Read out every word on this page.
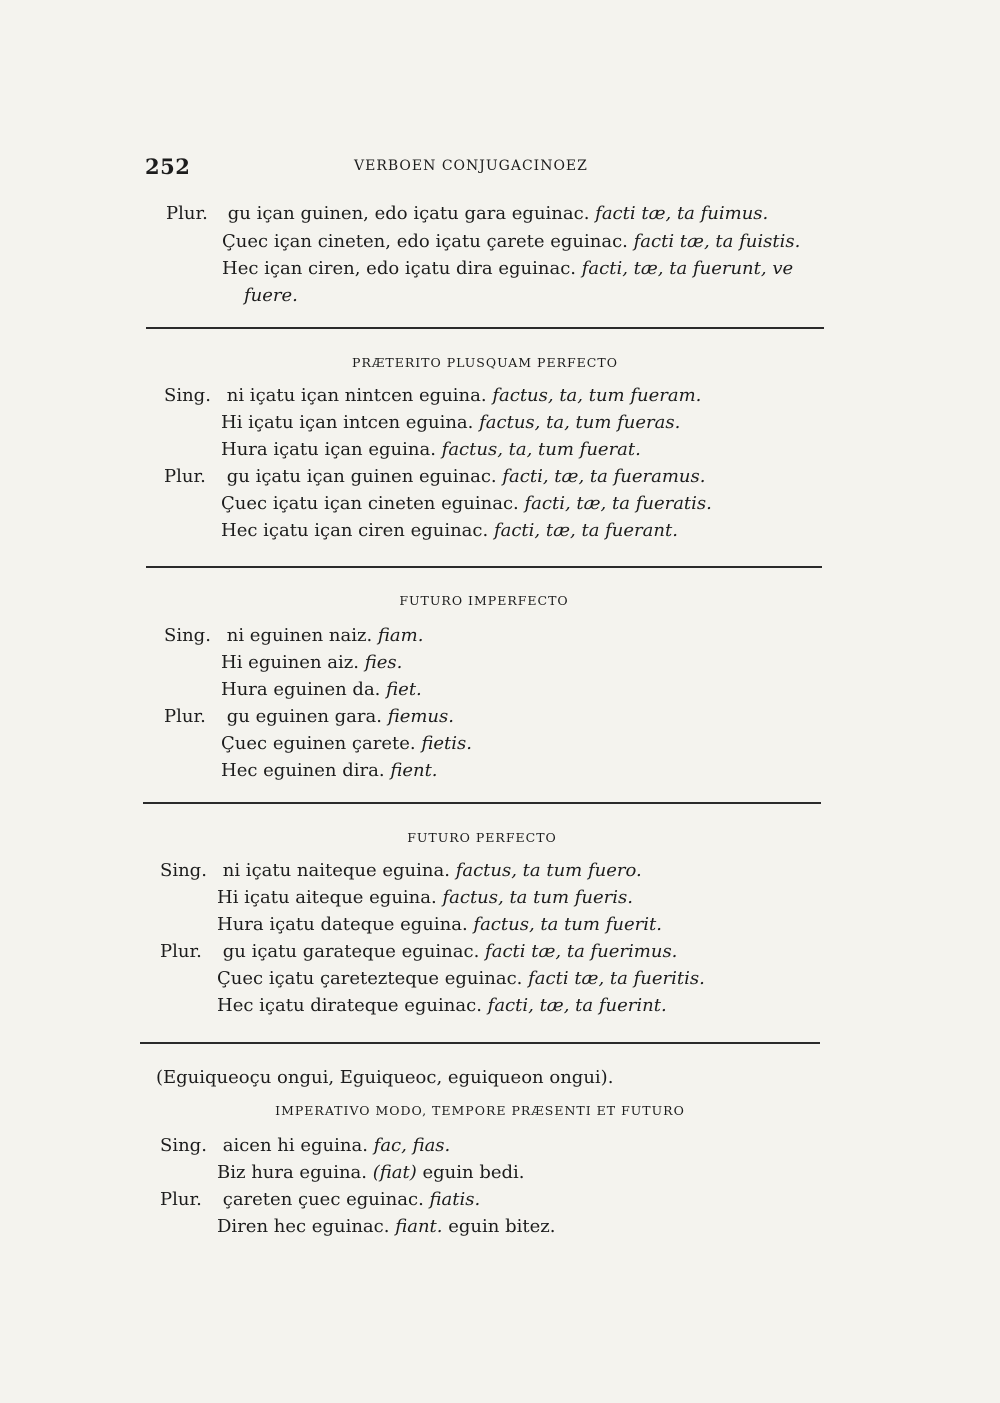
252	VERBOEN CONJUGACINOEZ
Plur. gu içan guinen, edo içatu gara eguinac. facti tæ, ta fuimus.
Çuec içan cineten, edo içatu çarete eguinac. facti tæ, ta fuistis.
Hec içan ciren, edo içatu dira eguinac. facti, tæ, ta fuerunt, ve
fuere.
PRÆTERITO PLUSQUAM PERFECTO
Sing. ni içatu içan nintcen eguina. factus, ta, tum fueram.
Hi içatu içan intcen eguina. factus, ta, tum fueras.
Hura içatu içan eguina. factus, ta, tum fuerat.
Plur. gu içatu içan guinen eguinac. facti, tæ, ta fueramus.
Çuec içatu içan cineten eguinac. facti, tæ, ta fueratis.
Hec içatu içan ciren eguinac. facti, tæ, ta fuerant.
FUTURO IMPERFECTO
Sing. ni eguinen naiz. fiam.
Hi eguinen aiz. fies.
Hura eguinen da. fiet.
Plur. gu eguinen gara. fiemus.
Çuec eguinen çarete. fietis.
Hec eguinen dira. fient.
FUTURO PERFECTO
Sing. ni içatu naiteque eguina. factus, ta tum fuero.
Hi içatu aiteque eguina. factus, ta tum fueris.
Hura içatu dateque eguina. factus, ta tum fuerit.
Plur. gu içatu garateque eguinac. facti tæ, ta fuerimus.
Çuec içatu çaretezteque eguinac. facti tæ, ta fueritis.
Hec içatu dirateque eguinac. facti, tæ, ta fuerint.
(Eguiqueoçu ongui, Eguiqueoc, eguiqueon ongui).
IMPERATIVO MODO, TEMPORE PRÆSENTI ET FUTURO
Sing. aicen hi eguina. fac, fias.
Biz hura eguina. (fiat) eguin bedi.
Plur. çareten çuec eguinac. fiatis.
Diren hec eguinac. fiant. eguin bitez.
